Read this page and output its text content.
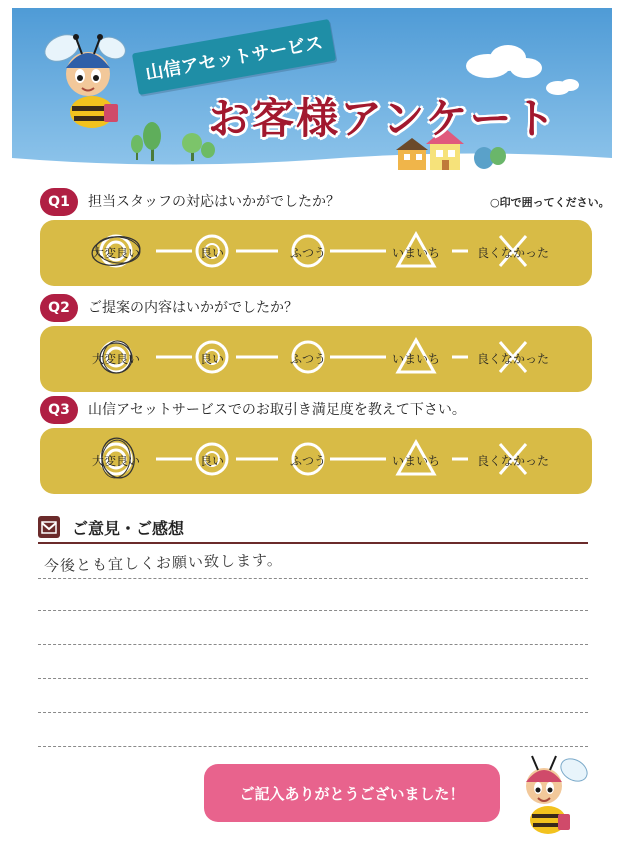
山信アセットサービス
お客様アンケート
Q1	担当スタッフの対応はいかがでしたか？	○印で囲ってください。
大変良い	良い	ふつう	いまいち	良くなかった
Q2	ご提案の内容はいかがでしたか？
大変良い	良い	ふつう	いまいち	良くなかった
Q3	山信アセットサービスでのお取引き満足度を教えて下さい。
大変良い	良い	ふつう	いまいち	良くなかった
ご意見・ご感想
今後とも宜しくお願い致します。
ご記入ありがとうございました！
